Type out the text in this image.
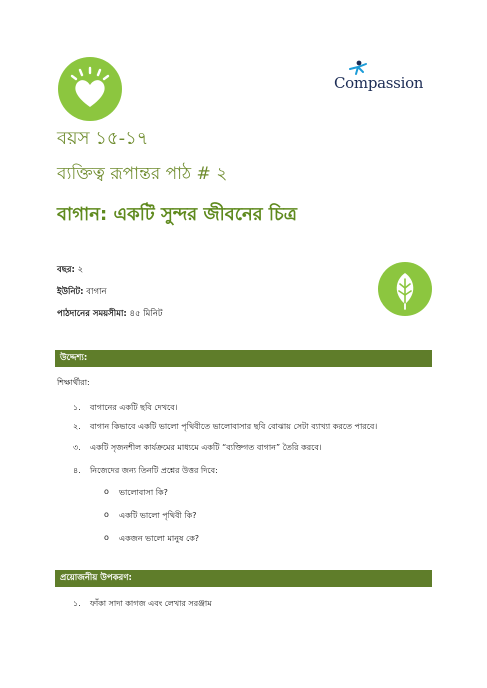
Compassion
বয়স ১৫-১৭
ব্যক্তিত্ব রূপান্তর পাঠ # ২
বাগান: একটি সুন্দর জীবনের চিত্র
বছর: ২
ইউনিট: বাগান
পাঠদানের সময়সীমা: ৪৫ মিনিট
উদ্দেশ্য:
শিক্ষার্থীরা:
১. বাগানের একটি ছবি দেখবে।
২. বাগান কিভাবে একটি ভালো পৃথিবীতে ভালোবাসার ছবি বোঝায় সেটা ব্যাখ্যা করতে পারবে।
৩. একটি সৃজনশীল কার্যক্রমের মাধ্যমে একটি “ব্যক্তিগত বাগান” তৈরি করবে।
৪. নিজেদের জন্য তিনটি প্রশ্নের উত্তর দিবে:
o ভালোবাসা কি?
o একটি ভালো পৃথিবী কি?
o একজন ভালো মানুষ কে?
প্রয়োজনীয় উপকরণ:
১. ফাঁকা সাদা কাগজ এবং লেখার সরঞ্জাম
